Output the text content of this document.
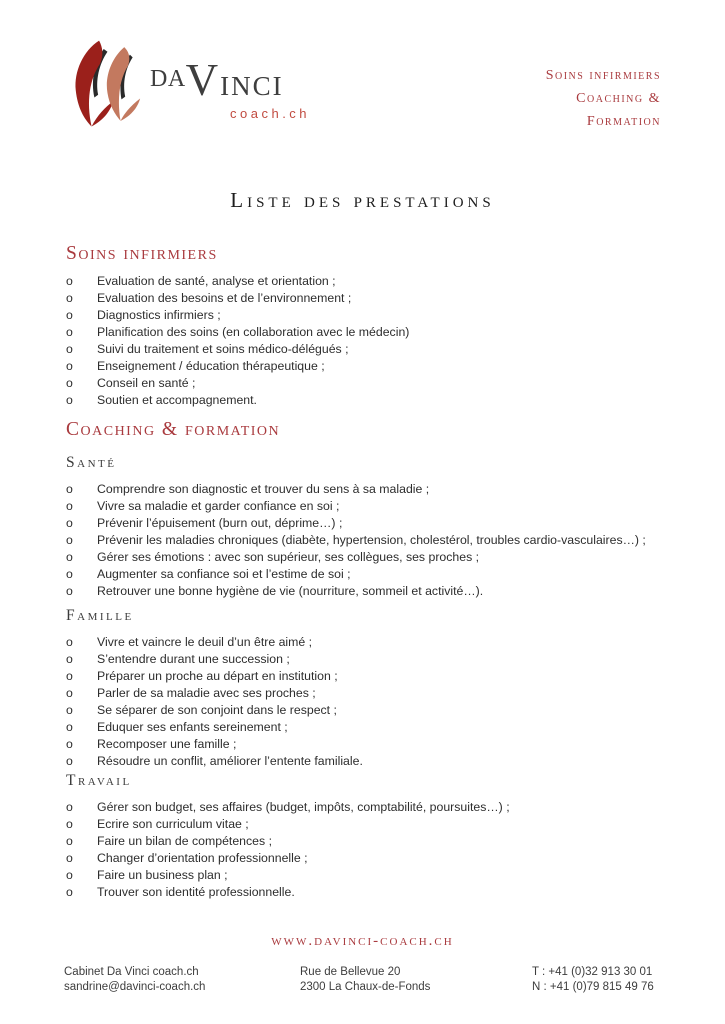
DAVINCI
coach.ch
Soins infirmiers
Coaching &
Formation
Liste des prestations
Soins infirmiers
o	Evaluation de santé, analyse et orientation ;
o	Evaluation des besoins et de l’environnement ;
o	Diagnostics infirmiers ;
o	Planification des soins (en collaboration avec le médecin)
o	Suivi du traitement et soins médico-délégués ;
o	Enseignement / éducation thérapeutique ;
o	Conseil en santé ;
o	Soutien et accompagnement.
Coaching & formation
Santé
o	Comprendre son diagnostic et trouver du sens à sa maladie ;
o	Vivre sa maladie et garder confiance en soi ;
o	Prévenir l’épuisement (burn out, déprime…) ;
o	Prévenir les maladies chroniques (diabète, hypertension, cholestérol, troubles cardio-vasculaires…) ;
o	Gérer ses émotions : avec son supérieur, ses collègues, ses proches ;
o	Augmenter sa confiance soi et l’estime de soi ;
o	Retrouver une bonne hygiène de vie (nourriture, sommeil et activité…).
Famille
o	Vivre et vaincre le deuil d’un être aimé ;
o	S’entendre durant une succession ;
o	Préparer un proche au départ en institution ;
o	Parler de sa maladie avec ses proches ;
o	Se séparer de son conjoint dans le respect ;
o	Eduquer ses enfants sereinement ;
o	Recomposer une famille ;
o	Résoudre un conflit, améliorer l’entente familiale.
Travail
o	Gérer son budget, ses affaires (budget, impôts, comptabilité, poursuites…) ;
o	Ecrire son curriculum vitae ;
o	Faire un bilan de compétences ;
o	Changer d’orientation professionnelle ;
o	Faire un business plan ;
o	Trouver son identité professionnelle.
www.davinci-coach.ch
Cabinet Da Vinci coach.ch
sandrine@davinci-coach.ch
Rue de Bellevue 20
2300 La Chaux-de-Fonds
T : +41 (0)32 913 30 01
N : +41 (0)79 815 49 76
